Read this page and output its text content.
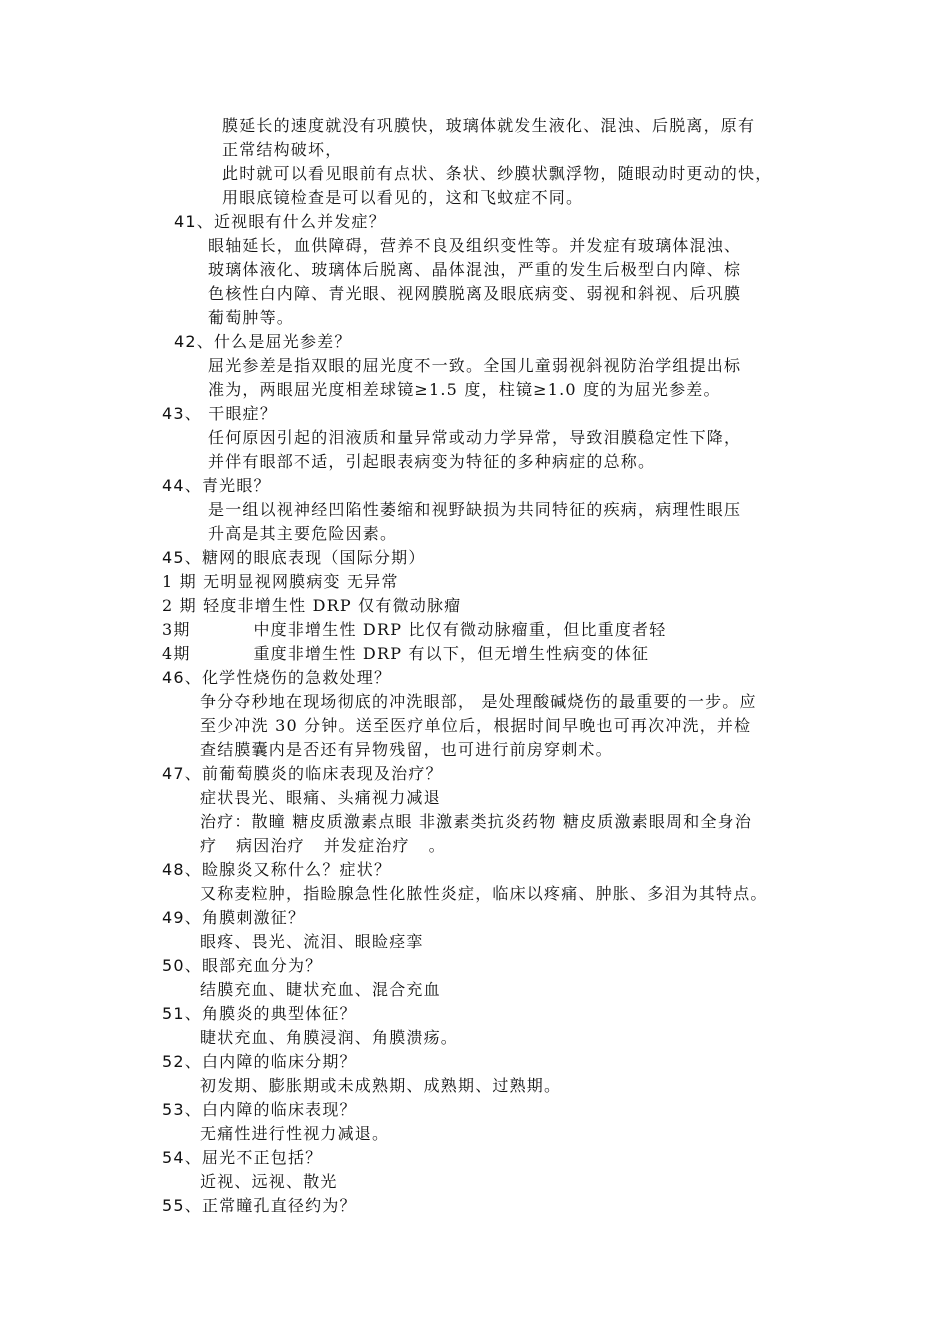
膜延长的速度就没有巩膜快，玻璃体就发生液化、混浊、后脱离，原有
正常结构破坏，
此时就可以看见眼前有点状、条状、纱膜状飘浮物，随眼动时更动的快，
用眼底镜检查是可以看见的，这和飞蚊症不同。
41、近视眼有什么并发症？
眼轴延长，血供障碍，营养不良及组织变性等。并发症有玻璃体混浊、
玻璃体液化、玻璃体后脱离、晶体混浊，严重的发生后极型白内障、棕
色核性白内障、青光眼、视网膜脱离及眼底病变、弱视和斜视、后巩膜
葡萄肿等。
42、什么是屈光参差？
屈光参差是指双眼的屈光度不一致。全国儿童弱视斜视防治学组提出标
准为，两眼屈光度相差球镜≥1.5 度，柱镜≥1.0 度的为屈光参差。
43、 干眼症？
任何原因引起的泪液质和量异常或动力学异常，导致泪膜稳定性下降，
并伴有眼部不适，引起眼表病变为特征的多种病症的总称。
44、青光眼？
是一组以视神经凹陷性萎缩和视野缺损为共同特征的疾病，病理性眼压
升高是其主要危险因素。
45、糖网的眼底表现（国际分期）
1 期 无明显视网膜病变 无异常
2 期 轻度非增生性 DRP 仅有微动脉瘤
3期          中度非增生性 DRP 比仅有微动脉瘤重，但比重度者轻
4期          重度非增生性 DRP 有以下，但无增生性病变的体征
46、化学性烧伤的急救处理？
争分夺秒地在现场彻底的冲洗眼部， 是处理酸碱烧伤的最重要的一步。应
至少冲洗 30 分钟。送至医疗单位后，根据时间早晚也可再次冲洗，并检
查结膜囊内是否还有异物残留，也可进行前房穿刺术。
47、前葡萄膜炎的临床表现及治疗？
症状畏光、眼痛、头痛视力减退
治疗：散瞳 糖皮质激素点眼 非激素类抗炎药物 糖皮质激素眼周和全身治
疗   病因治疗   并发症治疗   。
48、睑腺炎又称什么？症状？
又称麦粒肿，指睑腺急性化脓性炎症，临床以疼痛、肿胀、多泪为其特点。
49、角膜刺激征？
眼疼、畏光、流泪、眼睑痉挛
50、眼部充血分为？
结膜充血、睫状充血、混合充血
51、角膜炎的典型体征？
睫状充血、角膜浸润、角膜溃疡。
52、白内障的临床分期？
初发期、膨胀期或未成熟期、成熟期、过熟期。
53、白内障的临床表现？
无痛性进行性视力减退。
54、屈光不正包括？
近视、远视、散光
55、正常瞳孔直径约为？
